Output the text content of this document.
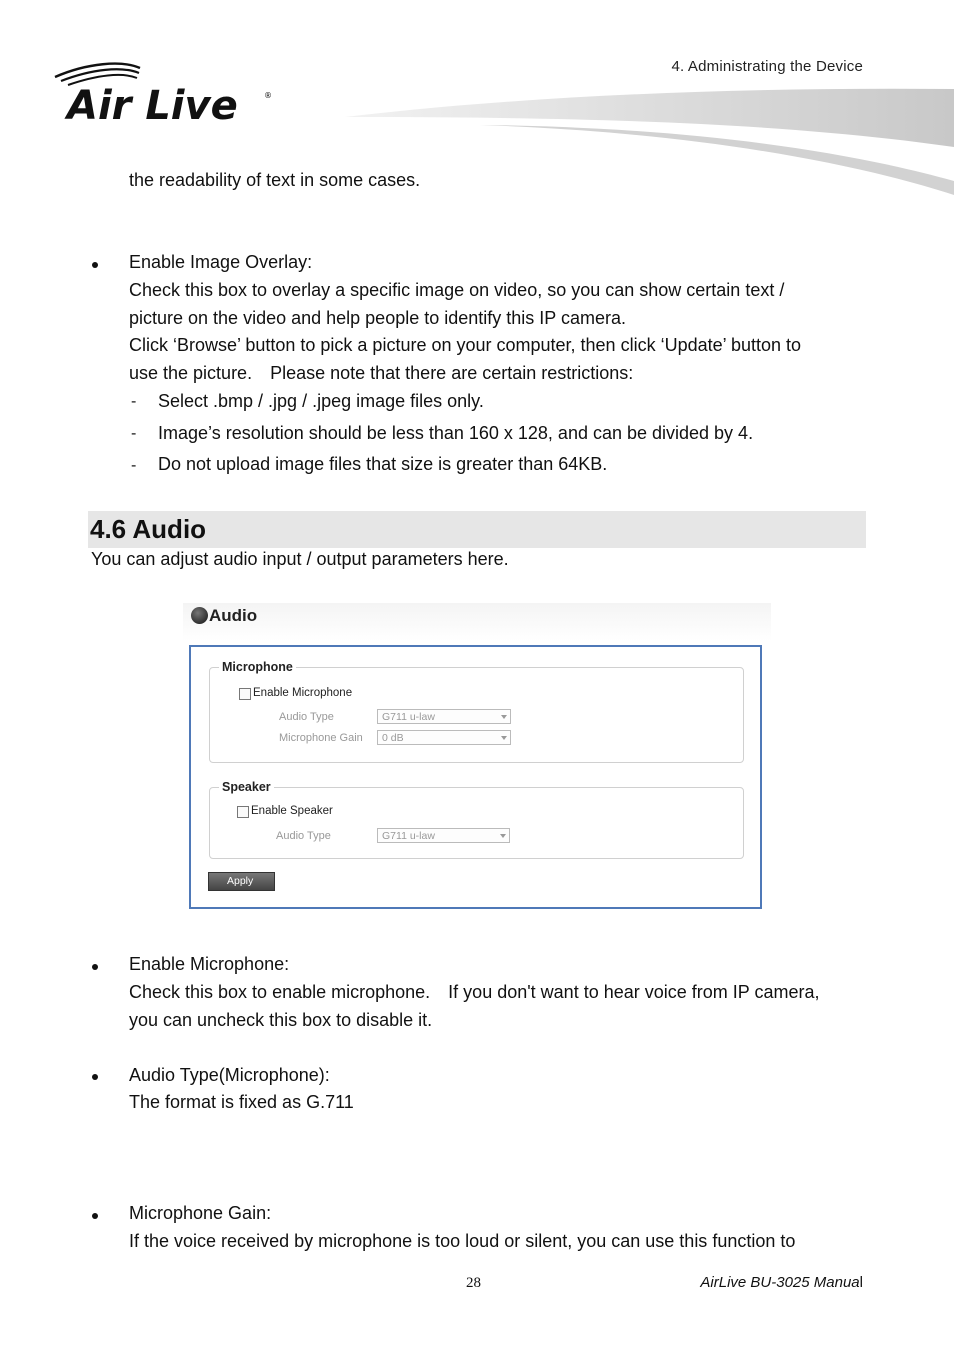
4. Administrating the Device
Air Live	®
the readability of text in some cases.
Enable Image Overlay:
Check this box to overlay a specific image on video, so you can show certain text /
picture on the video and help people to identify this IP camera.
Click ‘Browse’ button to pick a picture on your computer, then click ‘Update’ button to
use the picture.　Please note that there are certain restrictions:
- Select .bmp / .jpg / .jpeg image files only.
- Image’s resolution should be less than 160 x 128, and can be divided by 4.
- Do not upload image files that size is greater than 64KB.
4.6 Audio
You can adjust audio input / output parameters here.
Audio
Microphone
Enable Microphone
Audio Type	G711 u-law
Microphone Gain	0 dB
Speaker
Enable Speaker
Audio Type	G711 u-law
Apply
Enable Microphone:
Check this box to enable microphone.　If you don't want to hear voice from IP camera,
you can uncheck this box to disable it.
Audio Type(Microphone):
The format is fixed as G.711
Microphone Gain:
If the voice received by microphone is too loud or silent, you can use this function to
28	AirLive BU-3025 Manual
